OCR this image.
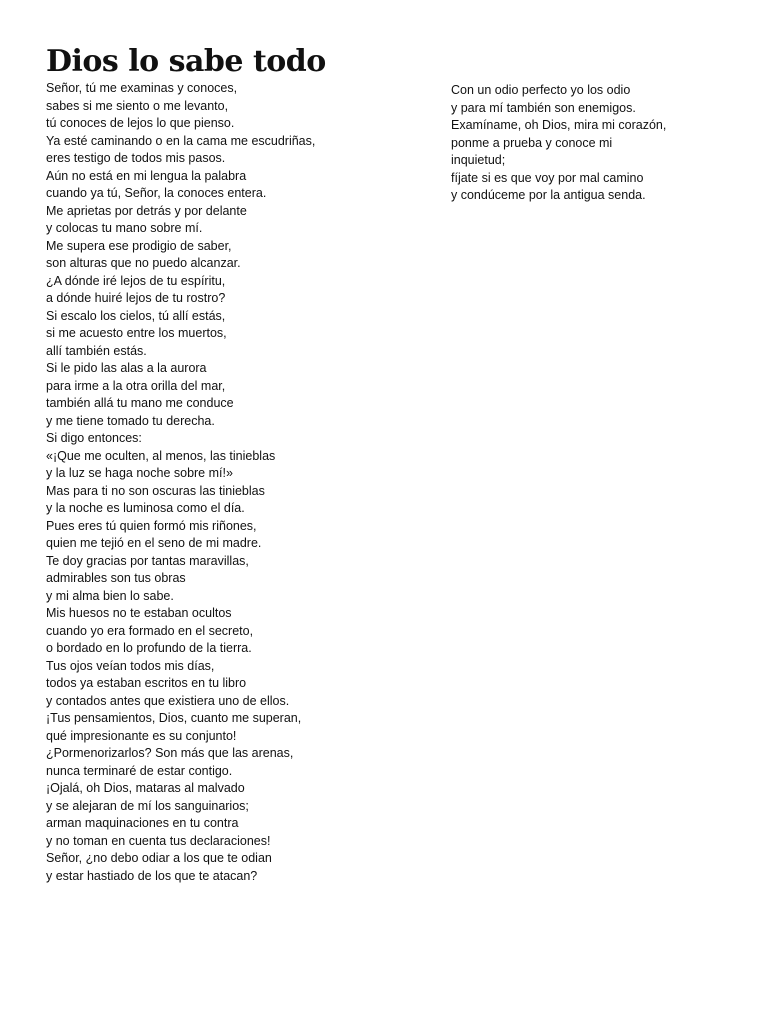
Dios lo sabe todo
Señor, tú me examinas y conoces,
sabes si me siento o me levanto,
tú conoces de lejos lo que pienso.
Ya esté caminando o en la cama me escudriñas,
eres testigo de todos mis pasos.
Aún no está en mi lengua la palabra
cuando ya tú, Señor, la conoces entera.
Me aprietas por detrás y por delante
y colocas tu mano sobre mí.
Me supera ese prodigio de saber,
son alturas que no puedo alcanzar.
¿A dónde iré lejos de tu espíritu,
a dónde huiré lejos de tu rostro?
Si escalo los cielos, tú allí estás,
si me acuesto entre los muertos,
allí también estás.
Si le pido las alas a la aurora
para irme a la otra orilla del mar,
también allá tu mano me conduce
y me tiene tomado tu derecha.
Si digo entonces:
«¡Que me oculten, al menos, las tinieblas
y la luz se haga noche sobre mí!»
Mas para ti no son oscuras las tinieblas
y la noche es luminosa como el día.
Pues eres tú quien formó mis riñones,
quien me tejió en el seno de mi madre.
Te doy gracias por tantas maravillas,
admirables son tus obras
y mi alma bien lo sabe.
Mis huesos no te estaban ocultos
cuando yo era formado en el secreto,
o bordado en lo profundo de la tierra.
Tus ojos veían todos mis días,
todos ya estaban escritos en tu libro
y contados antes que existiera uno de ellos.
¡Tus pensamientos, Dios, cuanto me superan,
qué impresionante es su conjunto!
¿Pormenorizarlos? Son más que las arenas,
nunca terminaré de estar contigo.
¡Ojalá, oh Dios, mataras al malvado
y se alejaran de mí los sanguinarios;
arman maquinaciones en tu contra
y no toman en cuenta tus declaraciones!
Señor, ¿no debo odiar a los que te odian
y estar hastiado de los que te atacan?
Con un odio perfecto yo los odio
y para mí también son enemigos.
Examíname, oh Dios, mira mi corazón,
ponme a prueba y conoce mi
inquietud;
fíjate si es que voy por mal camino
y condúceme por la antigua senda.
